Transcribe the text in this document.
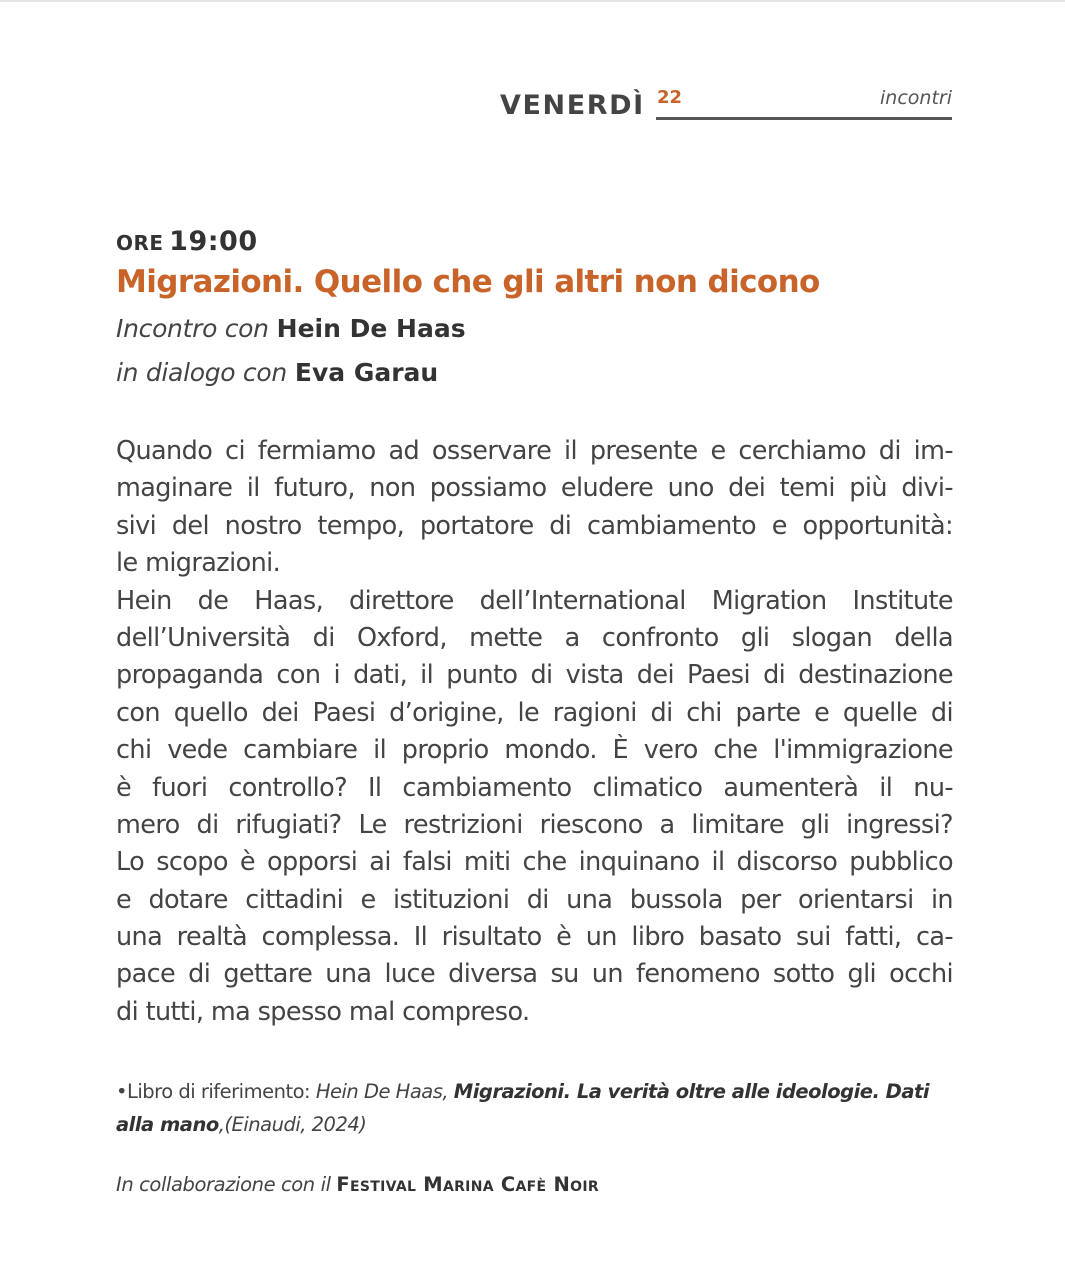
VENERDÌ 22	incontri
ORE 19:00
Migrazioni. Quello che gli altri non dicono
Incontro con Hein De Haas
in dialogo con Eva Garau
Quando ci fermiamo ad osservare il presente e cerchiamo di im-
maginare il futuro, non possiamo eludere uno dei temi più divi-
sivi del nostro tempo, portatore di cambiamento e opportunità:
le migrazioni.
Hein de Haas, direttore dell’International Migration Institute
dell’Università di Oxford, mette a confronto gli slogan della
propaganda con i dati, il punto di vista dei Paesi di destinazione
con quello dei Paesi d’origine, le ragioni di chi parte e quelle di
chi vede cambiare il proprio mondo. È vero che l'immigrazione
è fuori controllo? Il cambiamento climatico aumenterà il nu-
mero di rifugiati? Le restrizioni riescono a limitare gli ingressi?
Lo scopo è opporsi ai falsi miti che inquinano il discorso pubblico
e dotare cittadini e istituzioni di una bussola per orientarsi in
una realtà complessa. Il risultato è un libro basato sui fatti, ca-
pace di gettare una luce diversa su un fenomeno sotto gli occhi
di tutti, ma spesso mal compreso.
•Libro di riferimento: Hein De Haas, Migrazioni. La verità oltre alle ideologie. Dati alla mano,(Einaudi, 2024)
In collaborazione con il Festival Marina Cafè Noir
